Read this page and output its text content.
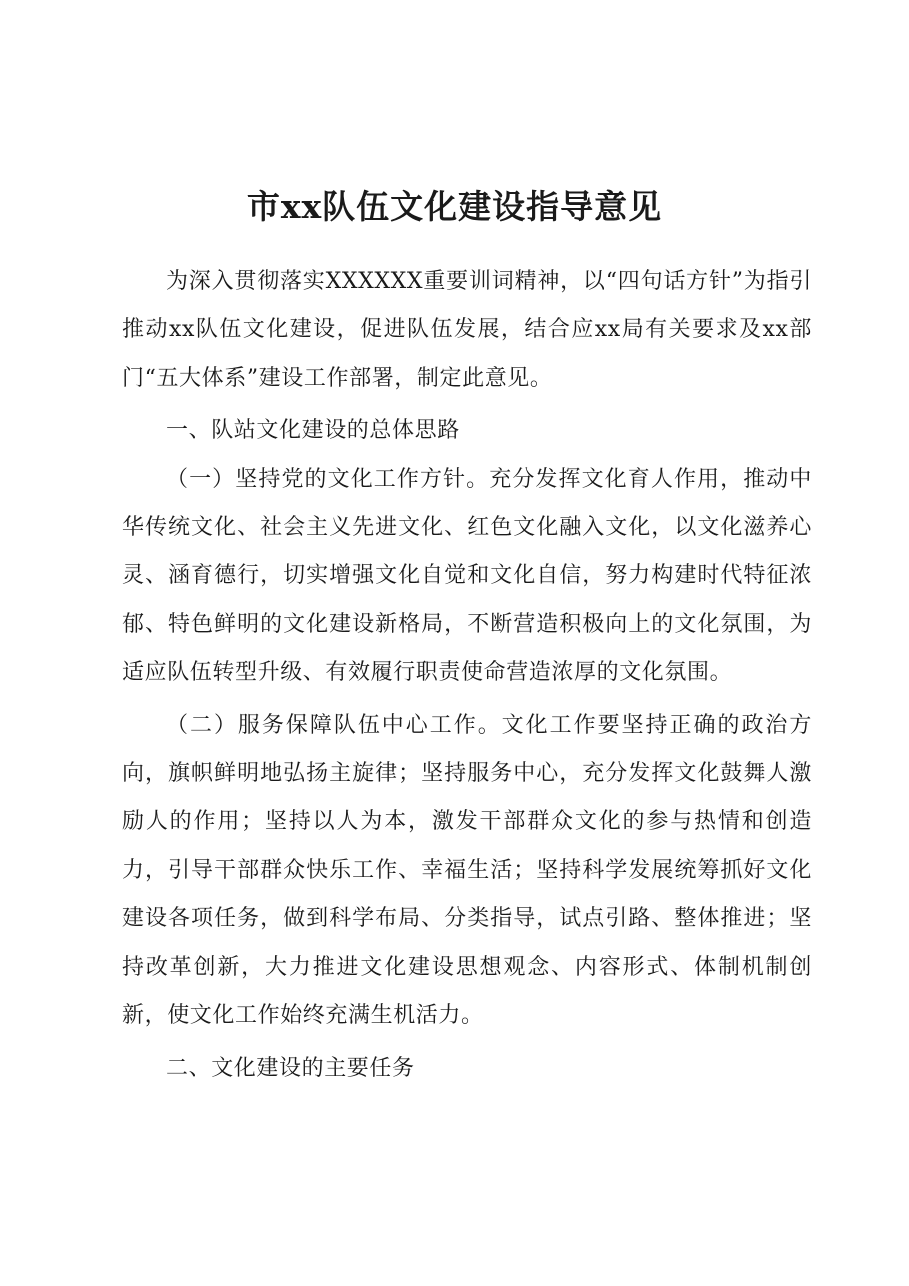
市xx队伍文化建设指导意见

为深入贯彻落实XXXXXX重要训词精神，以“四句话方针”为指引推动xx队伍文化建设，促进队伍发展，结合应xx局有关要求及xx部门“五大体系”建设工作部署，制定此意见。

一、队站文化建设的总体思路

（一）坚持党的文化工作方针。充分发挥文化育人作用，推动中华传统文化、社会主义先进文化、红色文化融入文化，以文化滋养心灵、涵育德行，切实增强文化自觉和文化自信，努力构建时代特征浓郁、特色鲜明的文化建设新格局，不断营造积极向上的文化氛围，为适应队伍转型升级、有效履行职责使命营造浓厚的文化氛围。

（二）服务保障队伍中心工作。文化工作要坚持正确的政治方向，旗帜鲜明地弘扬主旋律；坚持服务中心，充分发挥文化鼓舞人激励人的作用；坚持以人为本，激发干部群众文化的参与热情和创造力，引导干部群众快乐工作、幸福生活；坚持科学发展统筹抓好文化建设各项任务，做到科学布局、分类指导，试点引路、整体推进；坚持改革创新，大力推进文化建设思想观念、内容形式、体制机制创新，使文化工作始终充满生机活力。

二、文化建设的主要任务
